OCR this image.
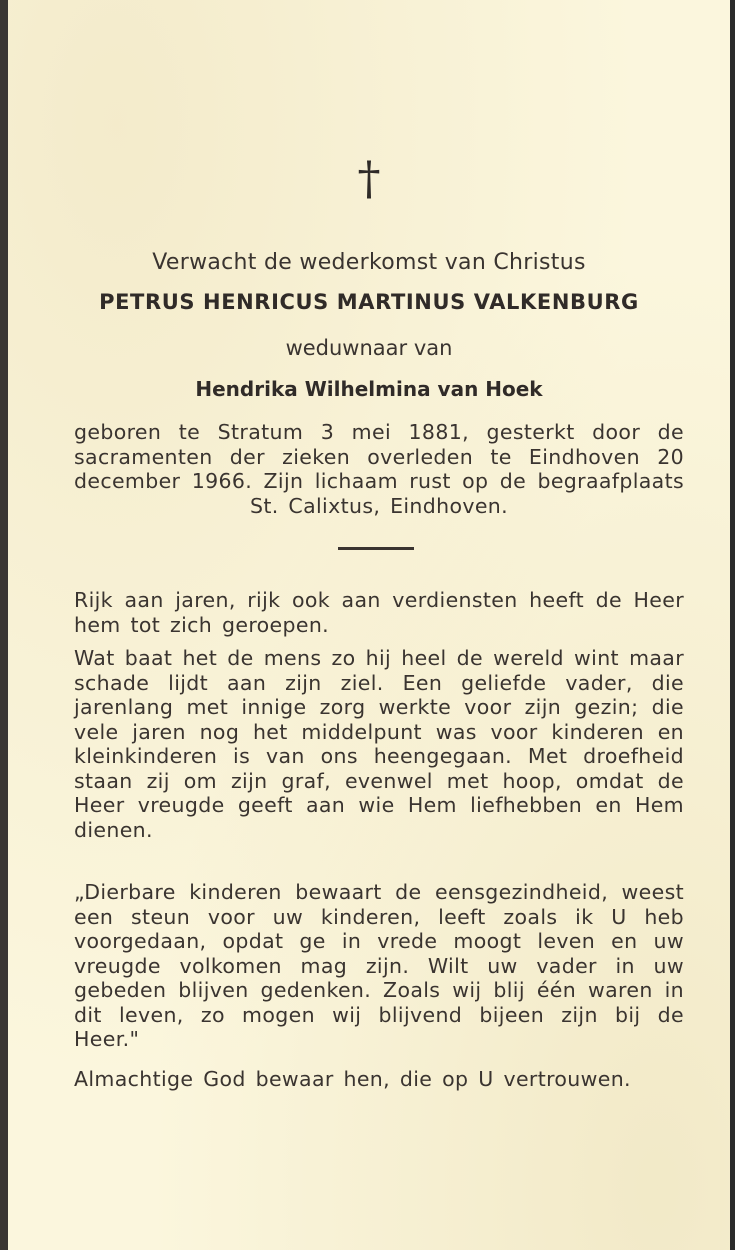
†
Verwacht de wederkomst van Christus
PETRUS HENRICUS MARTINUS VALKENBURG
weduwnaar van
Hendrika Wilhelmina van Hoek
geboren te Stratum 3 mei 1881, gesterkt door de sacramenten der zieken overleden te Eindhoven 20 december 1966. Zijn lichaam rust op de begraafplaats St. Calixtus, Eindhoven.
Rijk aan jaren, rijk ook aan verdiensten heeft de Heer hem tot zich geroepen.
Wat baat het de mens zo hij heel de wereld wint maar schade lijdt aan zijn ziel. Een geliefde vader, die jarenlang met innige zorg werkte voor zijn gezin; die vele jaren nog het middelpunt was voor kinderen en kleinkinderen is van ons heengegaan. Met droefheid staan zij om zijn graf, evenwel met hoop, omdat de Heer vreugde geeft aan wie Hem liefhebben en Hem dienen.
„Dierbare kinderen bewaart de eensgezindheid, weest een steun voor uw kinderen, leeft zoals ik U heb voorgedaan, opdat ge in vrede moogt leven en uw vreugde volkomen mag zijn. Wilt uw vader in uw gebeden blijven gedenken. Zoals wij blij één waren in dit leven, zo mogen wij blijvend bijeen zijn bij de Heer."
Almachtige God bewaar hen, die op U vertrouwen.
